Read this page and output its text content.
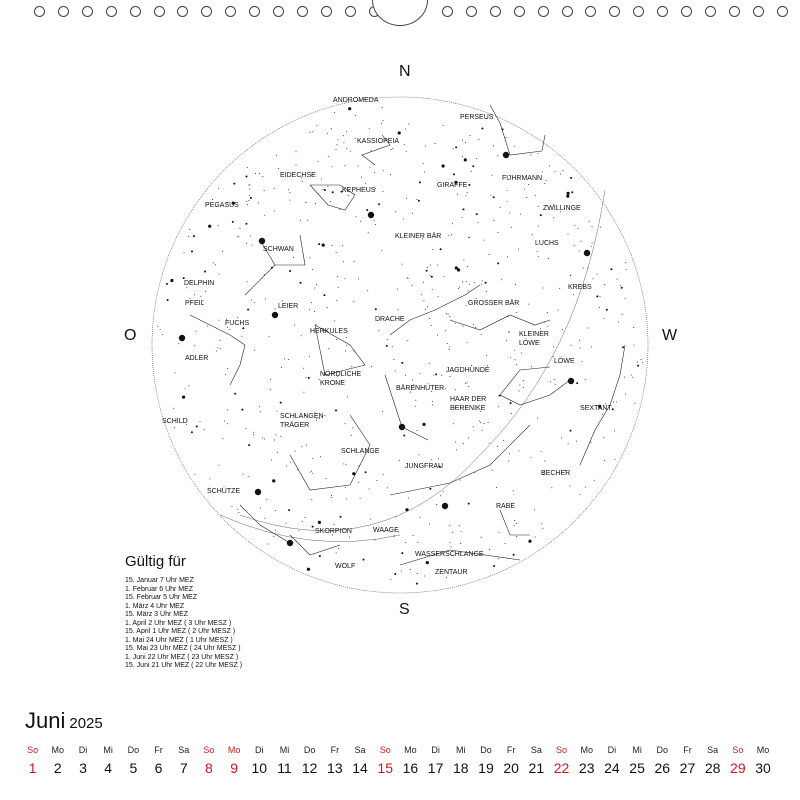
ANDROMEDA
PERSEUS
KASSIOPEIA
FUHRMANN
EIDECHSE
GIRAFFE
KEPHEUS
PEGASUS	ZWILLINGE
KLEINER BÄR
LUCHS
SCHWAN
KREBS
DELPHIN
GROSSER BÄR
PFEIL	LEIER
FUCHS
DRACHE
KLEINER LÖWE
HERKULES
LÖWE
ADLER
NÖRDLICHE KRONE
JAGDHUNDE
BÄRENHÜTER
HAAR DER BERENIKE	SEXTANT
SCHILD
SCHLANGEN-TRÄGER
SCHLANGE
JUNGFRAU
BECHER
SCHÜTZE
RABE
SKORPION	WAAGE
WASSERSCHLANGE
WOLF
ZENTAUR
N
S
O	W
Gültig für
15. Januar 7 Uhr MEZ
1. Februar 6 Uhr MEZ
15. Februar 5 Uhr MEZ
1. März 4 Uhr MEZ
15. März 3 Uhr MEZ
1. April 2 Uhr MEZ ( 3 Uhr MESZ )
15. April 1 Uhr MEZ ( 2 Uhr MESZ )
1. Mai 24 Uhr MEZ ( 1 Uhr MESZ )
15. Mai 23 Uhr MEZ ( 24 Uhr MESZ )
1. Juni 22 Uhr MEZ ( 23 Uhr MESZ )
15. Juni 21 Uhr MEZ ( 22 Uhr MESZ )
Juni 2025
So	Mo	Di	Mi	Do	Fr	Sa	So	Mo	Di	Mi	Do	Fr	Sa	So	Mo	Di	Mi	Do	Fr	Sa	So	Mo	Di	Mi	Do	Fr	Sa	So	Mo
1	2	3	4	5	6	7	8	9 10 11 12 13 14 15 16 17 18 19 20 21 22 23 24 25 26 27 28 29 30
